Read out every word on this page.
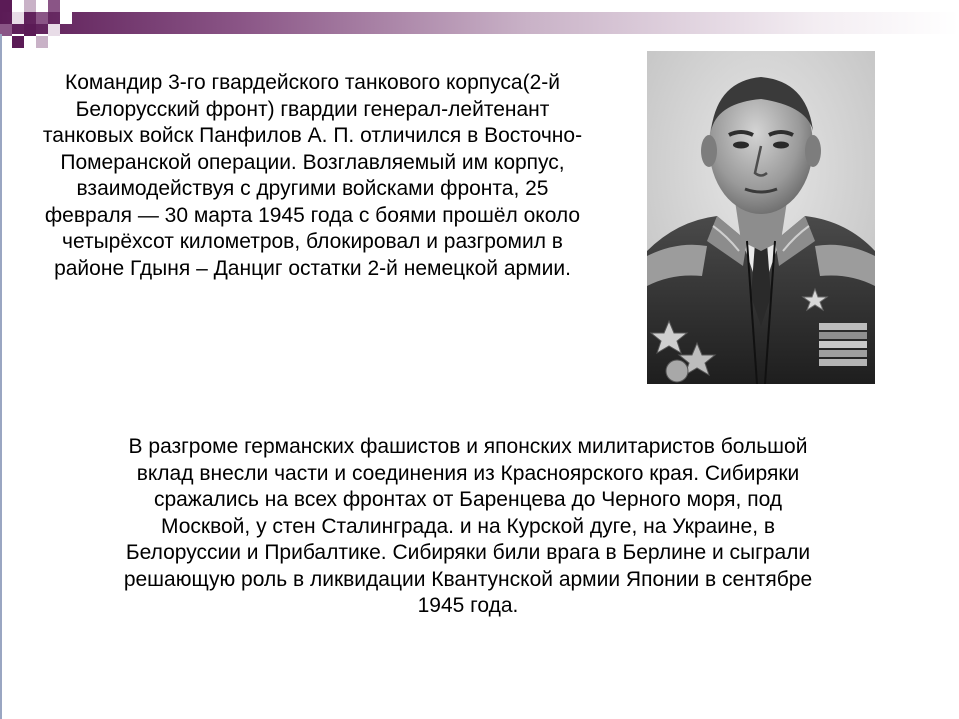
Командир 3-го гвардейского танкового корпуса(2-й Белорусский фронт) гвардии генерал-лейтенант танковых войск Панфилов А. П. отличился в Восточно-Померанской операции. Возглавляемый им корпус, взаимодействуя с другими войсками фронта, 25 февраля — 30 марта 1945 года с боями прошёл около четырёхсот километров, блокировал и разгромил в районе Гдыня – Данциг остатки 2-й немецкой армии.
В разгроме германских фашистов и японских милитаристов большой вклад внесли части и соединения из Красноярского края. Сибиряки сражались на всех фронтах от Баренцева до Черного моря, под Москвой, у стен Сталинграда. и на Курской дуге, на Украине, в Белоруссии и Прибалтике. Сибиряки били врага в Берлине и сыграли решающую роль в ликвидации Квантунской армии Японии в сентябре 1945 года.
